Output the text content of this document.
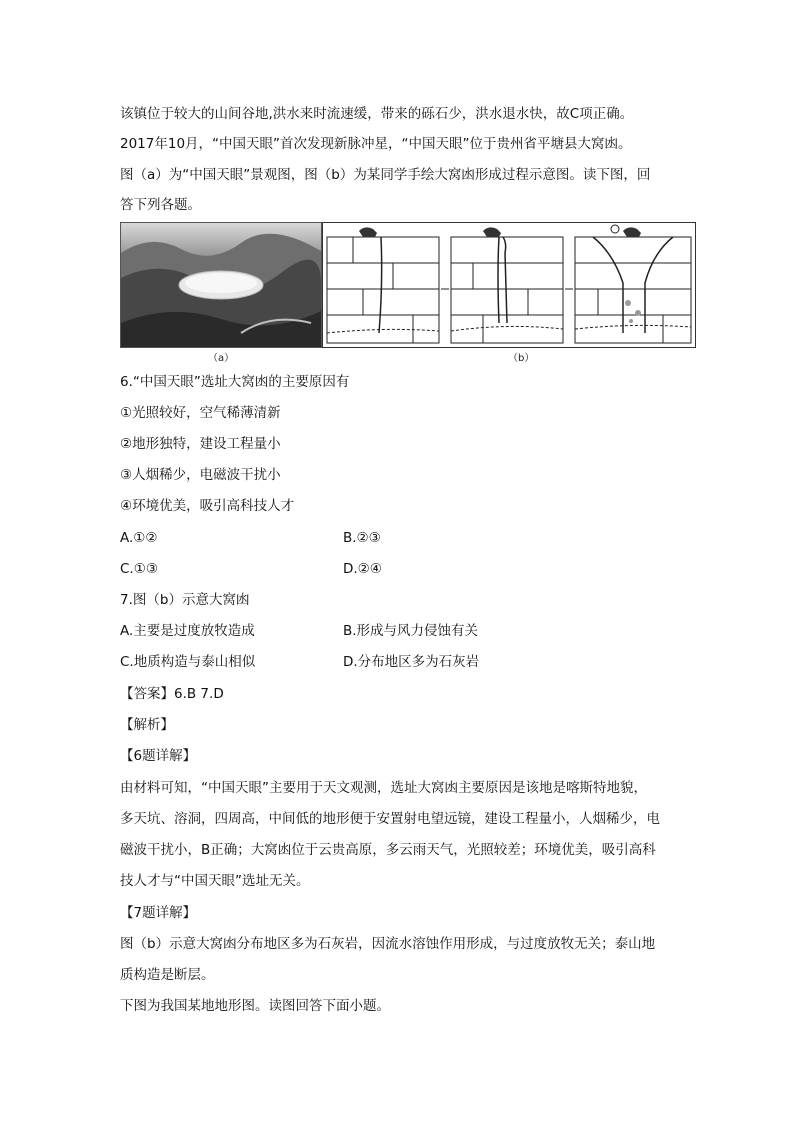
该镇位于较大的山间谷地,洪水来时流速缓，带来的砾石少，洪水退水快，故C项正确。
2017年10月，“中国天眼”首次发现新脉冲星，“中国天眼”位于贵州省平塘县大窝凼。
图（a）为“中国天眼”景观图，图（b）为某同学手绘大窝凼形成过程示意图。读下图，回
答下列各题。
（a）	（b）
6.“中国天眼”选址大窝凼的主要原因有
①光照较好，空气稀薄清新
②地形独特，建设工程量小
③人烟稀少，电磁波干扰小
④环境优美，吸引高科技人才
A.①②	B.②③
C.①③	D.②④
7.图（b）示意大窝凼
A.主要是过度放牧造成	B.形成与风力侵蚀有关
C.地质构造与泰山相似	D.分布地区多为石灰岩
【答案】6.B 7.D
【解析】
【6题详解】
由材料可知，“中国天眼”主要用于天文观测，选址大窝凼主要原因是该地是喀斯特地貌，
多天坑、溶洞，四周高，中间低的地形便于安置射电望远镜，建设工程量小，人烟稀少，电
磁波干扰小，B正确；大窝凼位于云贵高原，多云雨天气，光照较差；环境优美，吸引高科
技人才与“中国天眼”选址无关。
【7题详解】
图（b）示意大窝凼分布地区多为石灰岩，因流水溶蚀作用形成，与过度放牧无关；泰山地
质构造是断层。
下图为我国某地地形图。读图回答下面小题。
